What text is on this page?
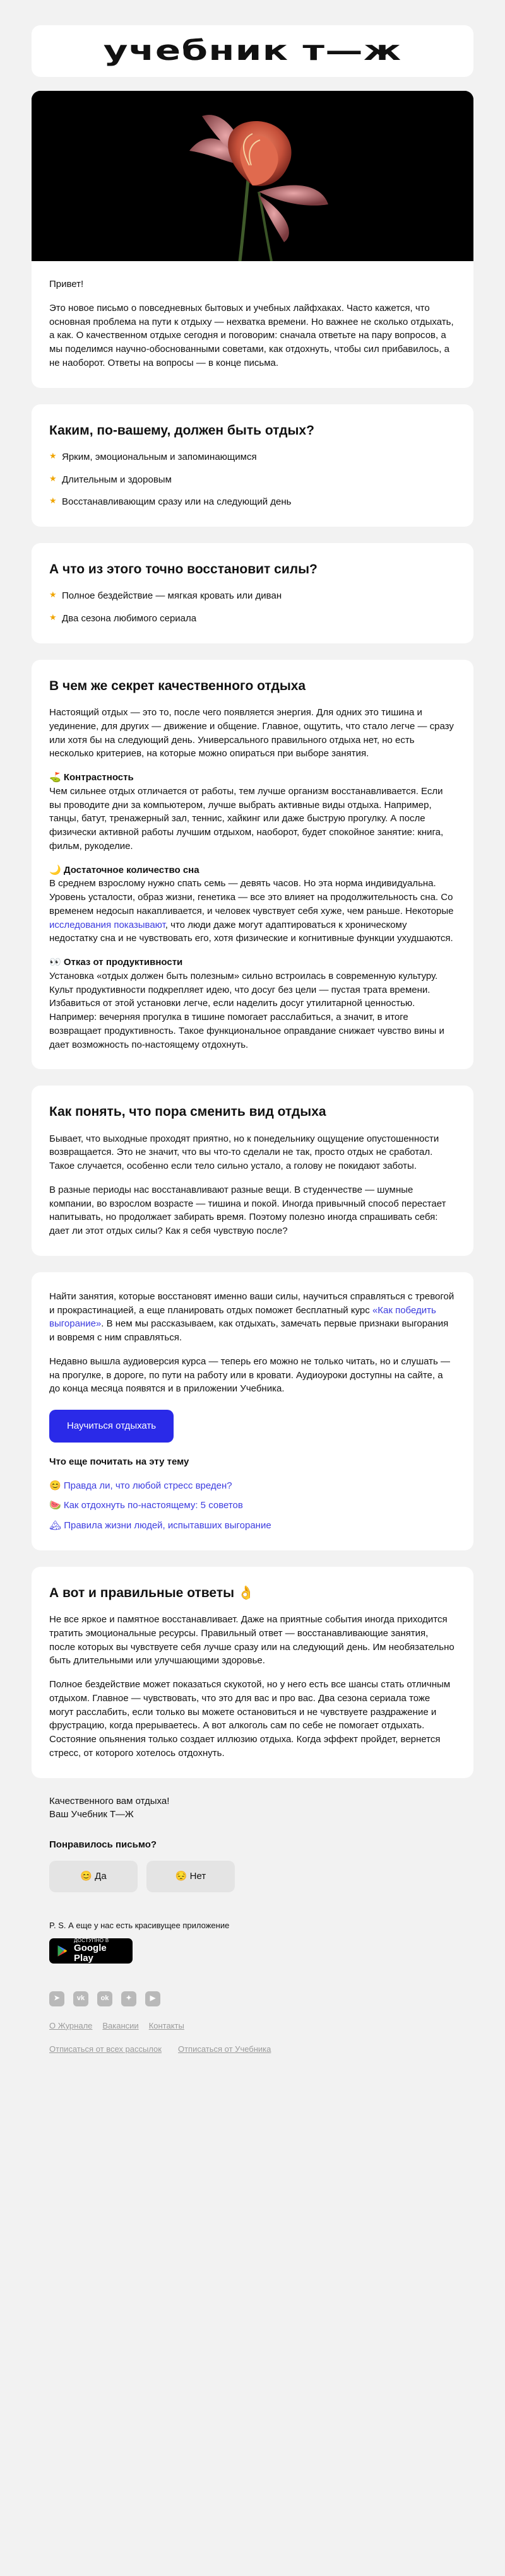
учебник т—ж

Привет!

Это новое письмо о повседневных бытовых и учебных лайфхаках. Часто кажется, что основная проблема на пути к отдыху — нехватка времени. Но важнее не сколько отдыхать, а как. О качественном отдыхе сегодня и поговорим: сначала ответьте на пару вопросов, а мы поделимся научно-обоснованными советами, как отдохнуть, чтобы сил прибавилось, а не наоборот. Ответы на вопросы — в конце письма.

Каким, по-вашему, должен быть отдых?
★ Ярким, эмоциональным и запоминающимся
★ Длительным и здоровым
★ Восстанавливающим сразу или на следующий день
А что из этого точно восстановит силы?
★ Полное бездействие — мягкая кровать или диван
★ Два сезона любимого сериала
В чем же секрет качественного отдыха

Настоящий отдых — это то, после чего появляется энергия. Для одних это тишина и уединение, для других — движение и общение. Главное, ощутить, что стало легче — сразу или хотя бы на следующий день. Универсального правильного отдыха нет, но есть несколько критериев, на которые можно опираться при выборе занятия.

⛳ Контрастность
Чем сильнее отдых отличается от работы, тем лучше организм восстанавливается. Если вы проводите дни за компьютером, лучше выбрать активные виды отдыха. Например, танцы, батут, тренажерный зал, теннис, хайкинг или даже быструю прогулку. А после физически активной работы лучшим отдыхом, наоборот, будет спокойное занятие: книга, фильм, рукоделие.

🌙 Достаточное количество сна
В среднем взрослому нужно спать семь — девять часов. Но эта норма индивидуальна. Уровень усталости, образ жизни, генетика — все это влияет на продолжительность сна. Со временем недосып накапливается, и человек чувствует себя хуже, чем раньше. Некоторые исследования показывают, что люди даже могут адаптироваться к хроническому недостатку сна и не чувствовать его, хотя физические и когнитивные функции ухудшаются.

👀 Отказ от продуктивности
Установка «отдых должен быть полезным» сильно встроилась в современную культуру. Культ продуктивности подкрепляет идею, что досуг без цели — пустая трата времени. Избавиться от этой установки легче, если наделить досуг утилитарной ценностью. Например: вечерняя прогулка в тишине помогает расслабиться, а значит, в итоге возвращает продуктивность. Такое функциональное оправдание снижает чувство вины и дает возможность по-настоящему отдохнуть.

Как понять, что пора сменить вид отдыха

Бывает, что выходные проходят приятно, но к понедельнику ощущение опустошенности возвращается. Это не значит, что вы что-то сделали не так, просто отдых не сработал. Такое случается, особенно если тело сильно устало, а голову не покидают заботы.

В разные периоды нас восстанавливают разные вещи. В студенчестве — шумные компании, во взрослом возрасте — тишина и покой. Иногда привычный способ перестает напитывать, но продолжает забирать время. Поэтому полезно иногда спрашивать себя: дает ли этот отдых силы? Как я себя чувствую после?

Найти занятия, которые восстановят именно ваши силы, научиться справляться с тревогой и прокрастинацией, а еще планировать отдых поможет бесплатный курс «Как победить выгорание». В нем мы рассказываем, как отдыхать, замечать первые признаки выгорания и вовремя с ним справляться.

Недавно вышла аудиоверсия курса — теперь его можно не только читать, но и слушать — на прогулке, в дороге, по пути на работу или в кровати. Аудиоуроки доступны на сайте, а до конца месяца появятся и в приложении Учебника.

Научиться отдыхать

Что еще почитать на эту тему

😊 Правда ли, что любой стресс вреден?
🍉 Как отдохнуть по-настоящему: 5 советов
🏔 Правила жизни людей, испытавших выгорание
А вот и правильные ответы 👌

Не все яркое и памятное восстанавливает. Даже на приятные события иногда приходится тратить эмоциональные ресурсы. Правильный ответ — восстанавливающие занятия, после которых вы чувствуете себя лучше сразу или на следующий день. Им необязательно быть длительными или улучшающими здоровье.

Полное бездействие может показаться скукотой, но у него есть все шансы стать отличным отдыхом. Главное — чувствовать, что это для вас и про вас. Два сезона сериала тоже могут расслабить, если только вы можете остановиться и не чувствуете раздражение и фрустрацию, когда прерываетесь. А вот алкоголь сам по себе не помогает отдыхать. Состояние опьянения только создает иллюзию отдыха. Когда эффект пройдет, вернется стресс, от которого хотелось отдохнуть.

Качественного вам отдыха!

Ваш Учебник Т—Ж

Понравилось письмо?

😊 Да	😔 Нет

P. S. А еще у нас есть красивущее приложение

ДОСТУПНО В
Google Play
➤	vk	ok	✦	▶
О Журнале Вакансии Контакты
Отписаться от всех рассылок Отписаться от Учебника
